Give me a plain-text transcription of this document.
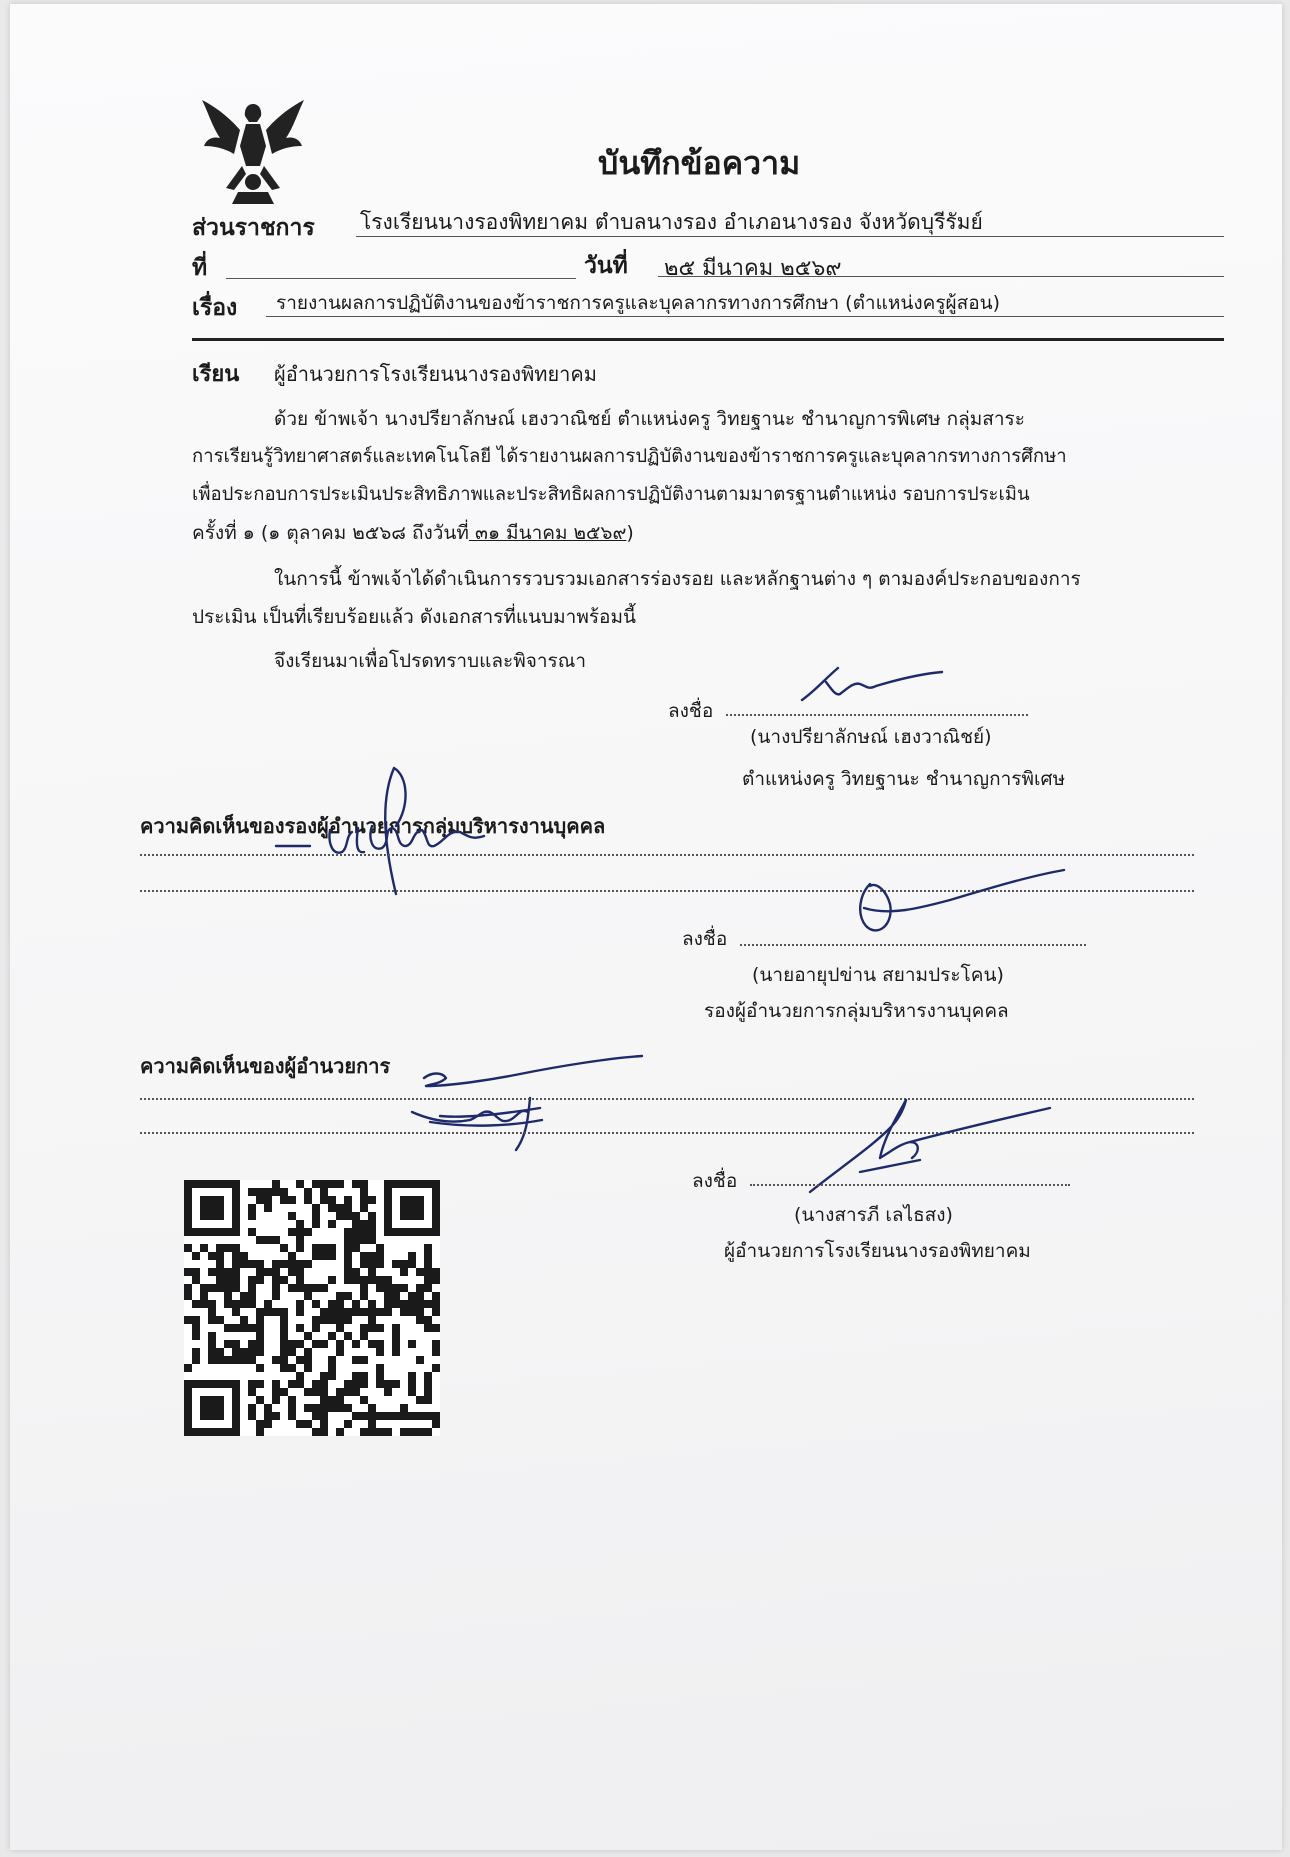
บันทึกข้อความ
ส่วนราชการ โรงเรียนนางรองพิทยาคม ตำบลนางรอง อำเภอนางรอง จังหวัดบุรีรัมย์
ที่	วันที่ ๒๕ มีนาคม ๒๕๖๙
เรื่อง รายงานผลการปฏิบัติงานของข้าราชการครูและบุคลากรทางการศึกษา (ตำแหน่งครูผู้สอน)
เรียน ผู้อำนวยการโรงเรียนนางรองพิทยาคม
ด้วย ข้าพเจ้า นางปรียาลักษณ์ เฮงวาณิชย์ ตำแหน่งครู วิทยฐานะ ชำนาญการพิเศษ กลุ่มสาระ
การเรียนรู้วิทยาศาสตร์และเทคโนโลยี ได้รายงานผลการปฏิบัติงานของข้าราชการครูและบุคลากรทางการศึกษา
เพื่อประกอบการประเมินประสิทธิภาพและประสิทธิผลการปฏิบัติงานตามมาตรฐานตำแหน่ง รอบการประเมิน
ครั้งที่ ๑ (๑ ตุลาคม ๒๕๖๘ ถึงวันที่ ๓๑ มีนาคม ๒๕๖๙)
ในการนี้ ข้าพเจ้าได้ดำเนินการรวบรวมเอกสารร่องรอย และหลักฐานต่าง ๆ ตามองค์ประกอบของการ
ประเมิน เป็นที่เรียบร้อยแล้ว ดังเอกสารที่แนบมาพร้อมนี้
จึงเรียนมาเพื่อโปรดทราบและพิจารณา
ลงชื่อ
(นางปรียาลักษณ์ เฮงวาณิชย์)
ตำแหน่งครู วิทยฐานะ ชำนาญการพิเศษ
ความคิดเห็นของรองผู้อำนวยการกลุ่มบริหารงานบุคคล
ลงชื่อ
(นายอายุปข่าน สยามประโคน)
รองผู้อำนวยการกลุ่มบริหารงานบุคคล
ความคิดเห็นของผู้อำนวยการ
ลงชื่อ
(นางสารภี เลไธสง)
ผู้อำนวยการโรงเรียนนางรองพิทยาคม
